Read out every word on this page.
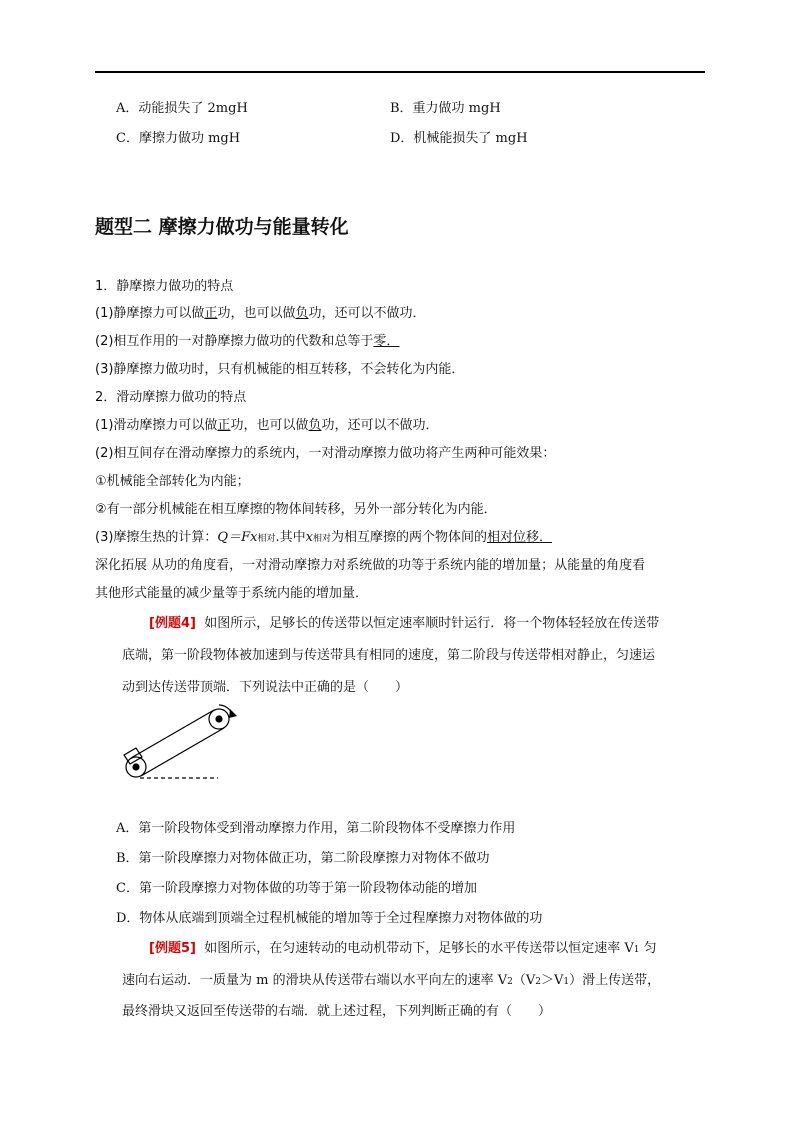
A．动能损失了 2mgH	B．重力做功 mgH
C．摩擦力做功 mgH	D．机械能损失了 mgH
题型二 摩擦力做功与能量转化
1．静摩擦力做功的特点
(1)静摩擦力可以做正功，也可以做负功，还可以不做功．
(2)相互作用的一对静摩擦力做功的代数和总等于零．
(3)静摩擦力做功时，只有机械能的相互转移，不会转化为内能．
2．滑动摩擦力做功的特点
(1)滑动摩擦力可以做正功，也可以做负功，还可以不做功．
(2)相互间存在滑动摩擦力的系统内，一对滑动摩擦力做功将产生两种可能效果：
①机械能全部转化为内能；
②有一部分机械能在相互摩擦的物体间转移，另外一部分转化为内能．
(3)摩擦生热的计算：Q＝Fx相对.其中x相对为相互摩擦的两个物体间的相对位移．
深化拓展 从功的角度看，一对滑动摩擦力对系统做的功等于系统内能的增加量；从能量的角度看
其他形式能量的减少量等于系统内能的增加量．
[例题4] 如图所示，足够长的传送带以恒定速率顺时针运行．将一个物体轻轻放在传送带
底端，第一阶段物体被加速到与传送带具有相同的速度，第二阶段与传送带相对静止，匀速运
动到达传送带顶端．下列说法中正确的是（　　）
A．第一阶段物体受到滑动摩擦力作用，第二阶段物体不受摩擦力作用
B．第一阶段摩擦力对物体做正功，第二阶段摩擦力对物体不做功
C．第一阶段摩擦力对物体做的功等于第一阶段物体动能的增加
D．物体从底端到顶端全过程机械能的增加等于全过程摩擦力对物体做的功
[例题5] 如图所示，在匀速转动的电动机带动下，足够长的水平传送带以恒定速率 V1 匀
速向右运动．一质量为 m 的滑块从传送带右端以水平向左的速率 V2（V2＞V1）滑上传送带，
最终滑块又返回至传送带的右端．就上述过程，下列判断正确的有（　　）
